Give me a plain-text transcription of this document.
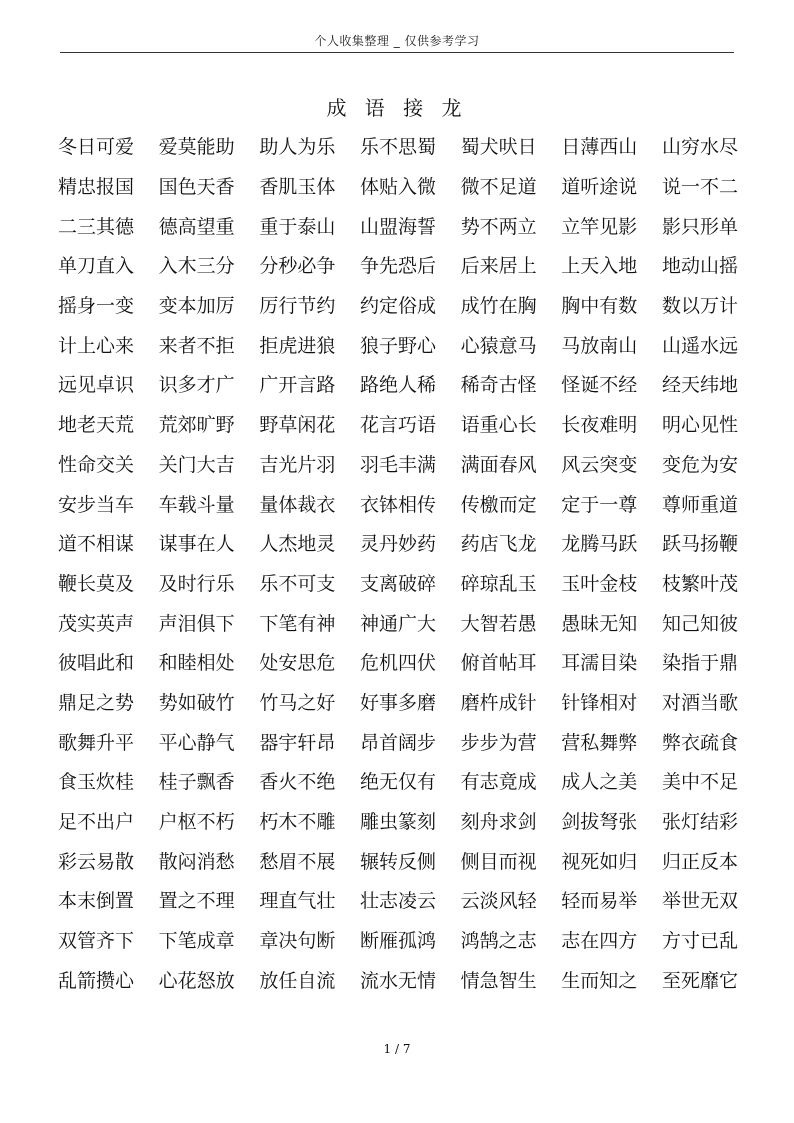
个人收集整理 _ 仅供参考学习
成 语 接 龙
冬日可爱 爱莫能助 助人为乐 乐不思蜀 蜀犬吠日 日薄西山 山穷水尽
精忠报国 国色天香 香肌玉体 体贴入微 微不足道 道听途说 说一不二
二三其德 德高望重 重于泰山 山盟海誓 势不两立 立竿见影 影只形单
单刀直入 入木三分 分秒必争 争先恐后 后来居上 上天入地 地动山摇
摇身一变 变本加厉 厉行节约 约定俗成 成竹在胸 胸中有数 数以万计
计上心来 来者不拒 拒虎进狼 狼子野心 心猿意马 马放南山 山遥水远
远见卓识 识多才广 广开言路 路绝人稀 稀奇古怪 怪诞不经 经天纬地
地老天荒 荒郊旷野 野草闲花 花言巧语 语重心长 长夜难明 明心见性
性命交关 关门大吉 吉光片羽 羽毛丰满 满面春风 风云突变 变危为安
安步当车 车载斗量 量体裁衣 衣钵相传 传檄而定 定于一尊 尊师重道
道不相谋 谋事在人 人杰地灵 灵丹妙药 药店飞龙 龙腾马跃 跃马扬鞭
鞭长莫及 及时行乐 乐不可支 支离破碎 碎琼乱玉 玉叶金枝 枝繁叶茂
茂实英声 声泪俱下 下笔有神 神通广大 大智若愚 愚昧无知 知己知彼
彼唱此和 和睦相处 处安思危 危机四伏 俯首帖耳 耳濡目染 染指于鼎
鼎足之势 势如破竹 竹马之好 好事多磨 磨杵成针 针锋相对 对酒当歌
歌舞升平 平心静气 器宇轩昂 昂首阔步 步步为营 营私舞弊 弊衣疏食
食玉炊桂 桂子飘香 香火不绝 绝无仅有 有志竟成 成人之美 美中不足
足不出户 户枢不朽 朽木不雕 雕虫篆刻 刻舟求剑 剑拔弩张 张灯结彩
彩云易散 散闷消愁 愁眉不展 辗转反侧 侧目而视 视死如归 归正反本
本末倒置 置之不理 理直气壮 壮志凌云 云淡风轻 轻而易举 举世无双
双管齐下 下笔成章 章决句断 断雁孤鸿 鸿鹄之志 志在四方 方寸已乱
乱箭攒心 心花怒放 放任自流 流水无情 情急智生 生而知之 至死靡它
1 / 7
